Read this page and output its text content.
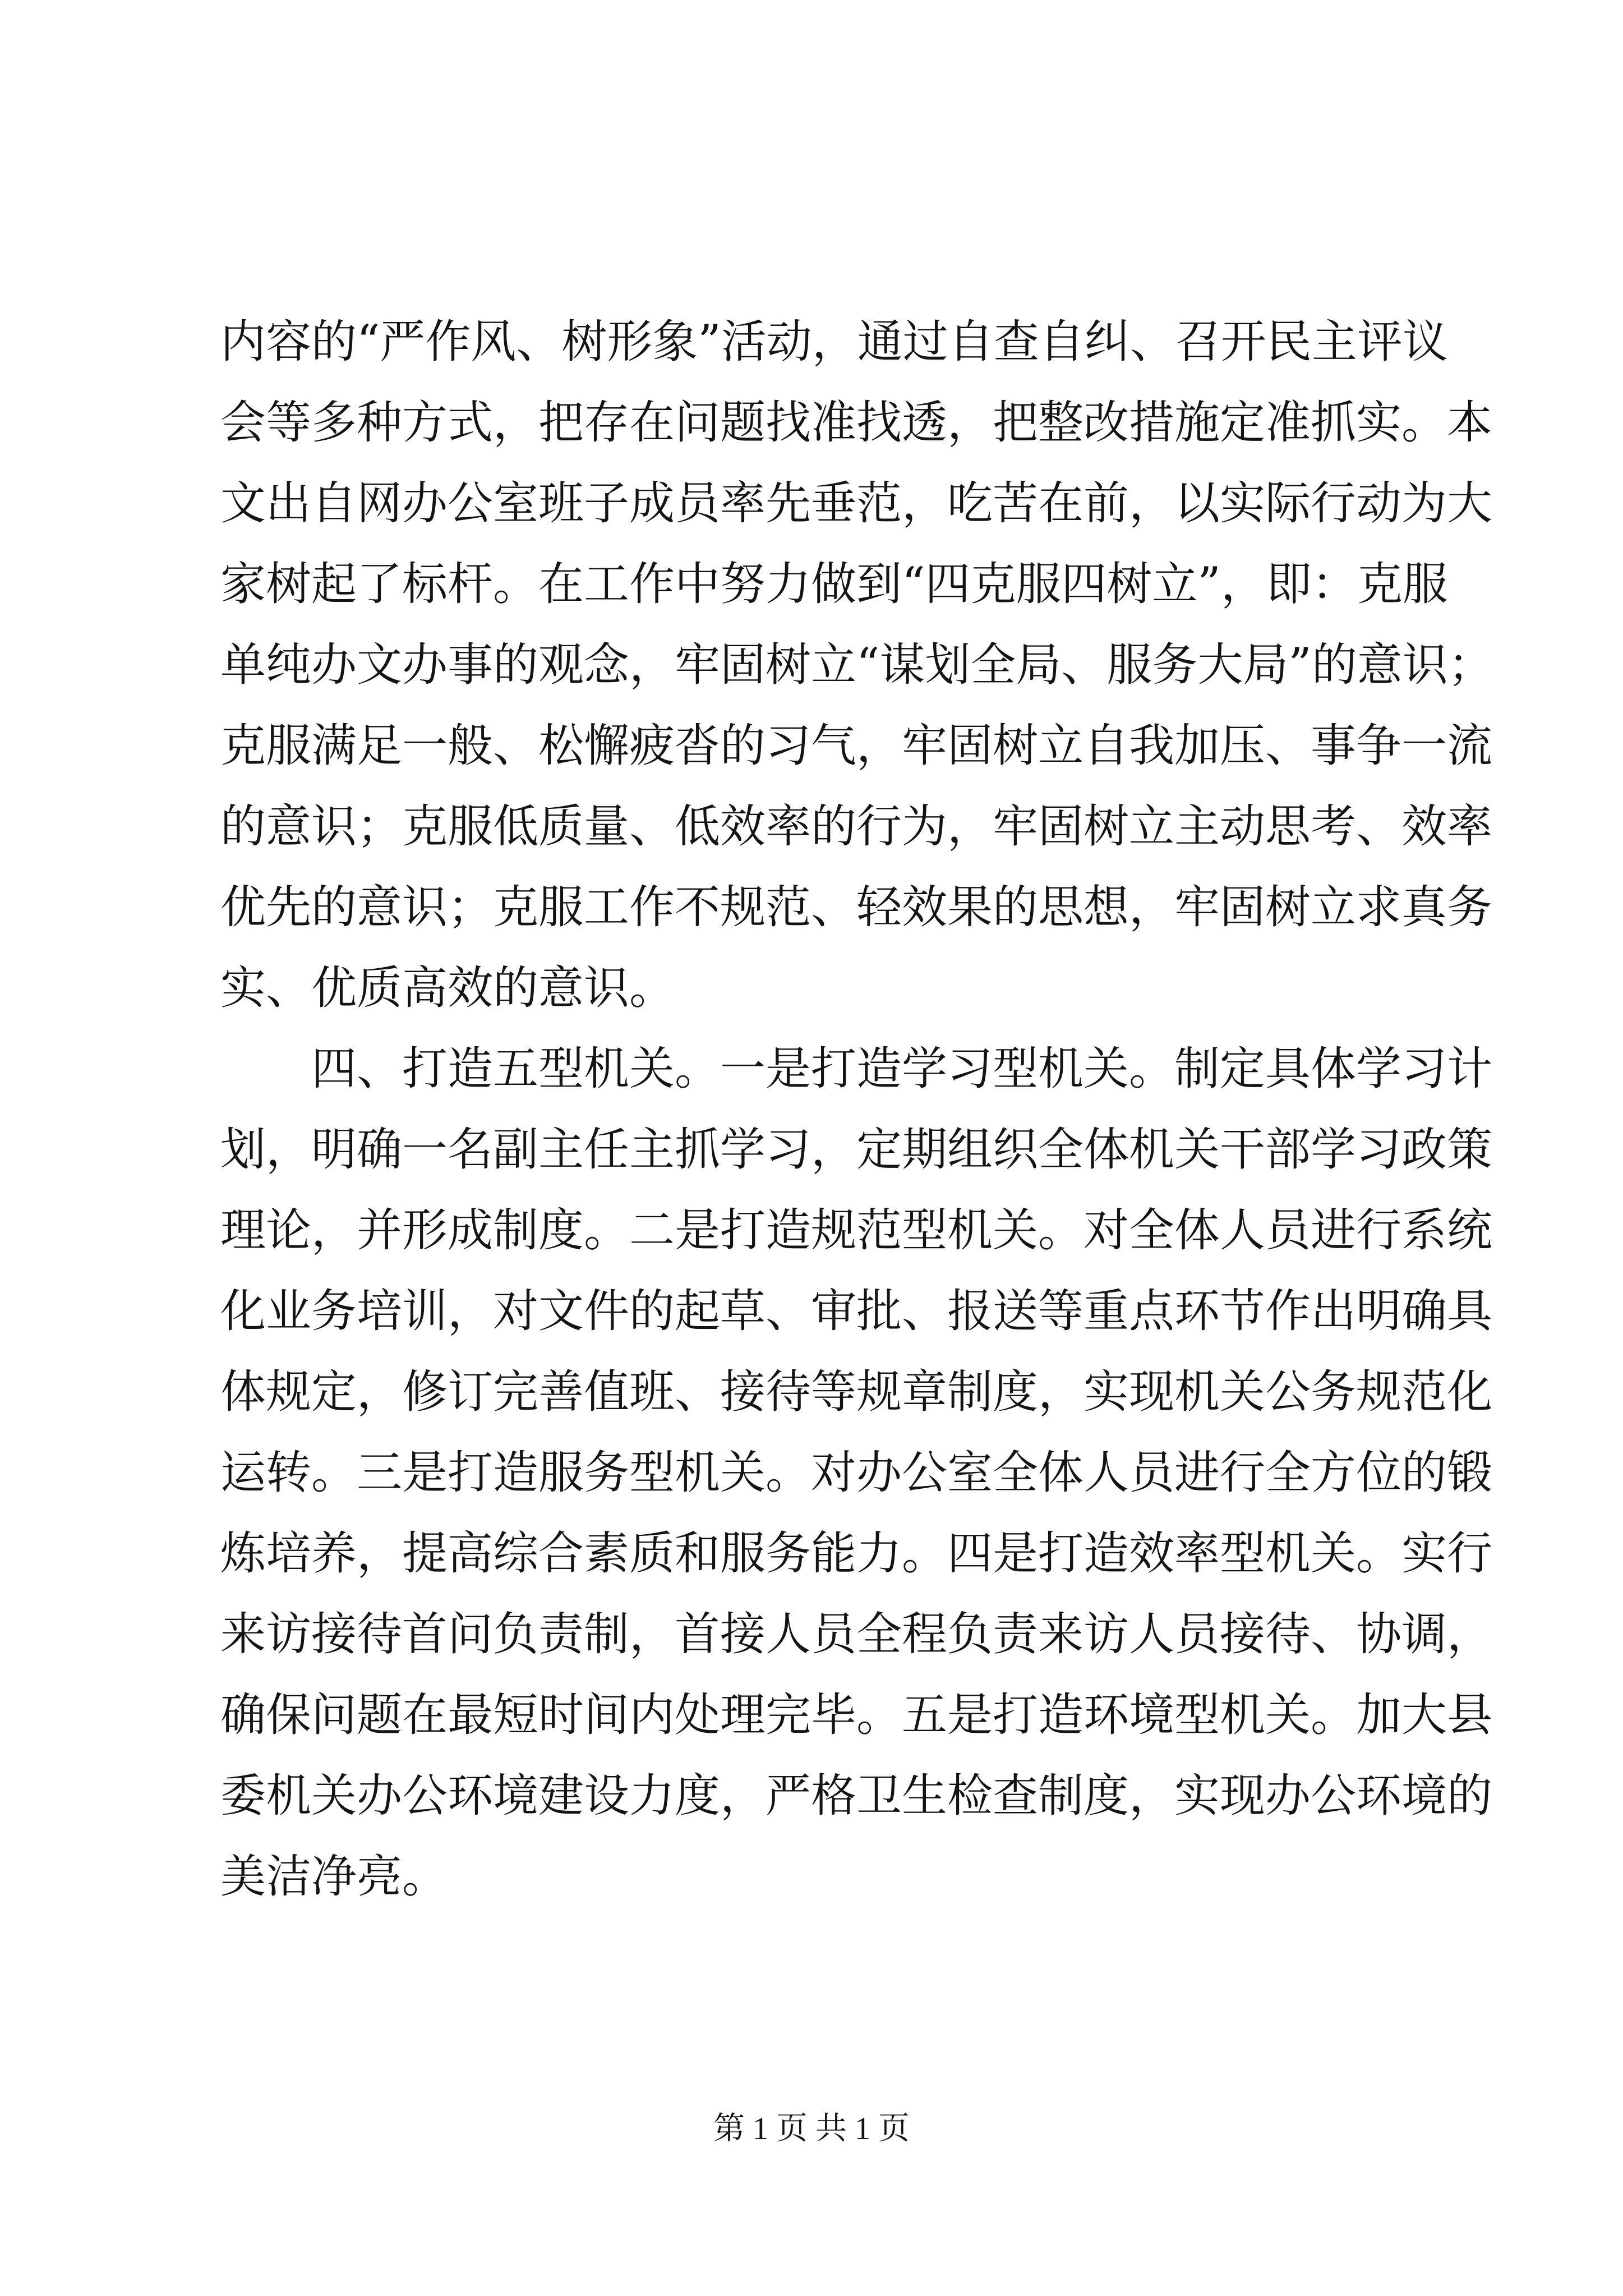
内容的“严作风、树形象”活动，通过自查自纠、召开民主评议
会等多种方式，把存在问题找准找透，把整改措施定准抓实。本
文出自网办公室班子成员率先垂范，吃苦在前，以实际行动为大
家树起了标杆。在工作中努力做到“四克服四树立”，即：克服
单纯办文办事的观念，牢固树立“谋划全局、服务大局”的意识；
克服满足一般、松懈疲沓的习气，牢固树立自我加压、事争一流
的意识；克服低质量、低效率的行为，牢固树立主动思考、效率
优先的意识；克服工作不规范、轻效果的思想，牢固树立求真务
实、优质高效的意识。
四、打造五型机关。一是打造学习型机关。制定具体学习计
划，明确一名副主任主抓学习，定期组织全体机关干部学习政策
理论，并形成制度。二是打造规范型机关。对全体人员进行系统
化业务培训，对文件的起草、审批、报送等重点环节作出明确具
体规定，修订完善值班、接待等规章制度，实现机关公务规范化
运转。三是打造服务型机关。对办公室全体人员进行全方位的锻
炼培养，提高综合素质和服务能力。四是打造效率型机关。实行
来访接待首问负责制，首接人员全程负责来访人员接待、协调，
确保问题在最短时间内处理完毕。五是打造环境型机关。加大县
委机关办公环境建设力度，严格卫生检查制度，实现办公环境的
美洁净亮。
第 1 页 共 1 页
